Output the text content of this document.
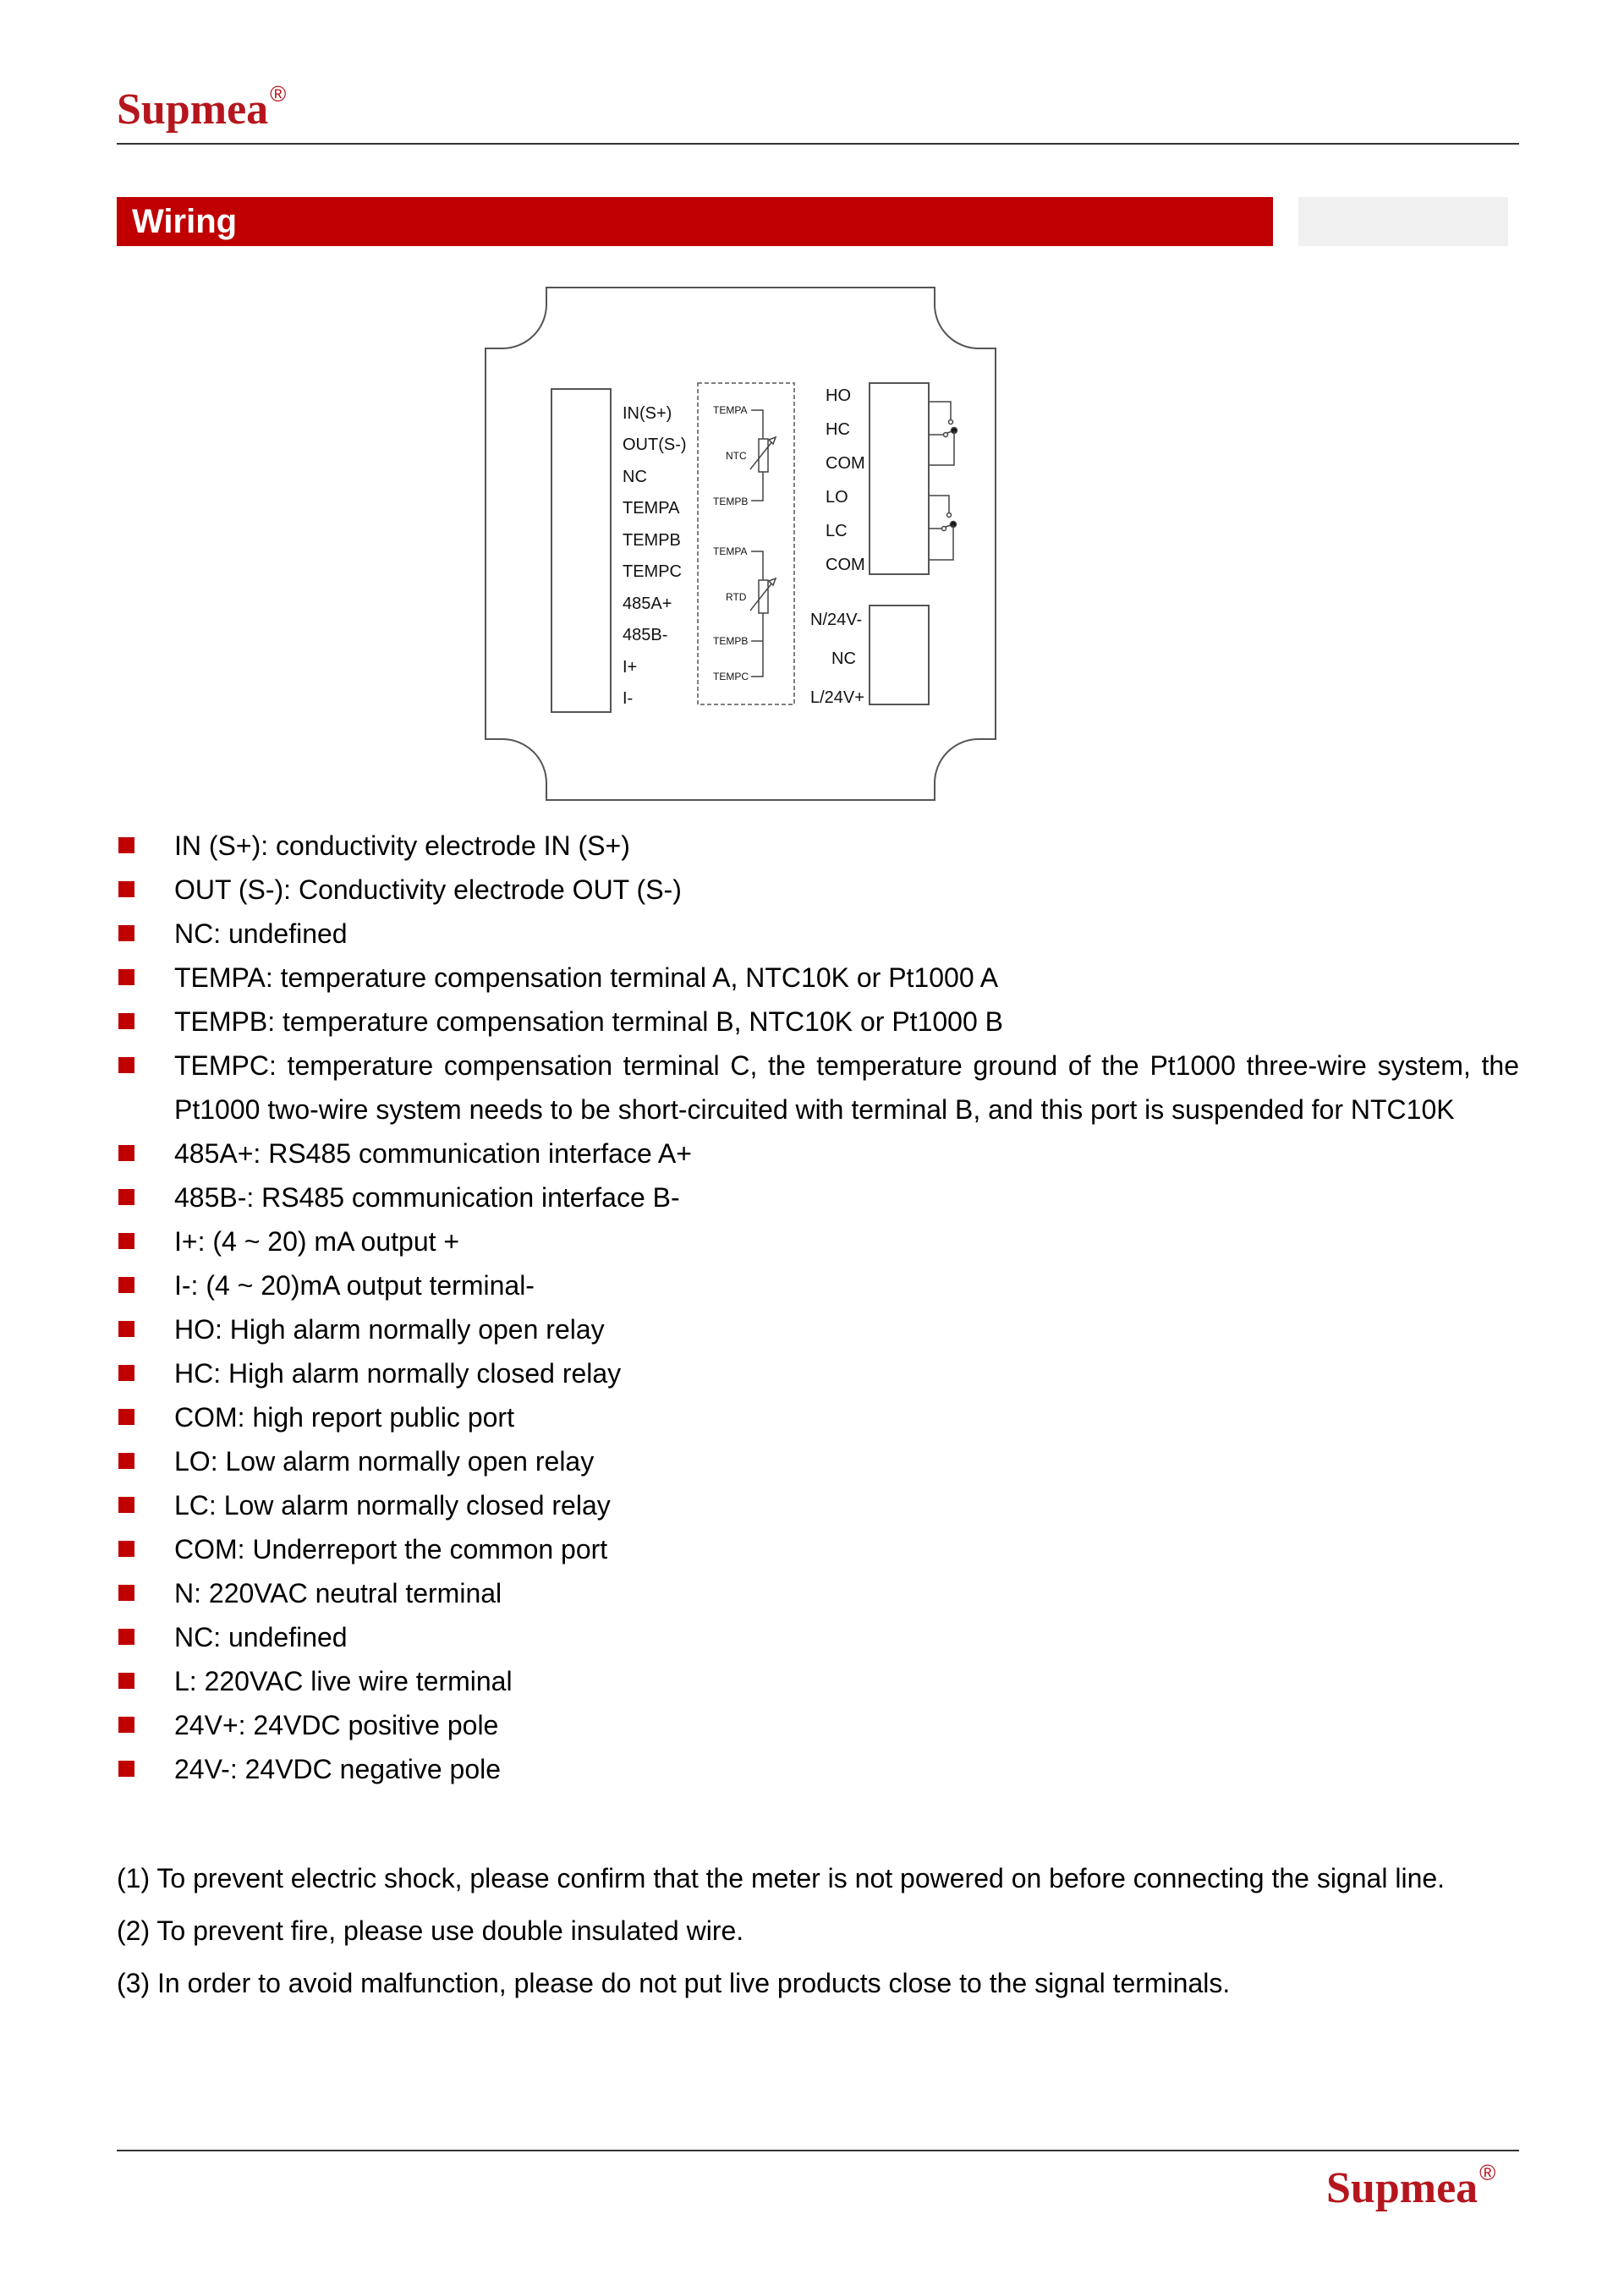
Supmea®
Wiring
IN(S+)
OUT(S-)
NC
TEMPA
TEMPB
TEMPC
485A+
485B-
I+
I-
TEMPA
NTC
TEMPB
TEMPA
RTD
TEMPB
TEMPC
HO
HC
COM
LO
LC
COM
N/24V-
NC
L/24V+
IN (S+): conductivity electrode IN (S+)
OUT (S-): Conductivity electrode OUT (S-)
NC: undefined
TEMPA: temperature compensation terminal A, NTC10K or Pt1000 A
TEMPB: temperature compensation terminal B, NTC10K or Pt1000 B
TEMPC: temperature compensation terminal C, the temperature ground of the Pt1000 three-wire system, the Pt1000 two-wire system needs to be short-circuited with terminal B, and this port is suspended for NTC10K
485A+: RS485 communication interface A+
485B-: RS485 communication interface B-
I+: (4 ~ 20) mA output +
I-: (4 ~ 20)mA output terminal-
HO: High alarm normally open relay
HC: High alarm normally closed relay
COM: high report public port
LO: Low alarm normally open relay
LC: Low alarm normally closed relay
COM: Underreport the common port
N: 220VAC neutral terminal
NC: undefined
L: 220VAC live wire terminal
24V+: 24VDC positive pole
24V-: 24VDC negative pole

(1) To prevent electric shock, please confirm that the meter is not powered on before connecting the signal line.

(2) To prevent fire, please use double insulated wire.

(3) In order to avoid malfunction, please do not put live products close to the signal terminals.

Supmea®
